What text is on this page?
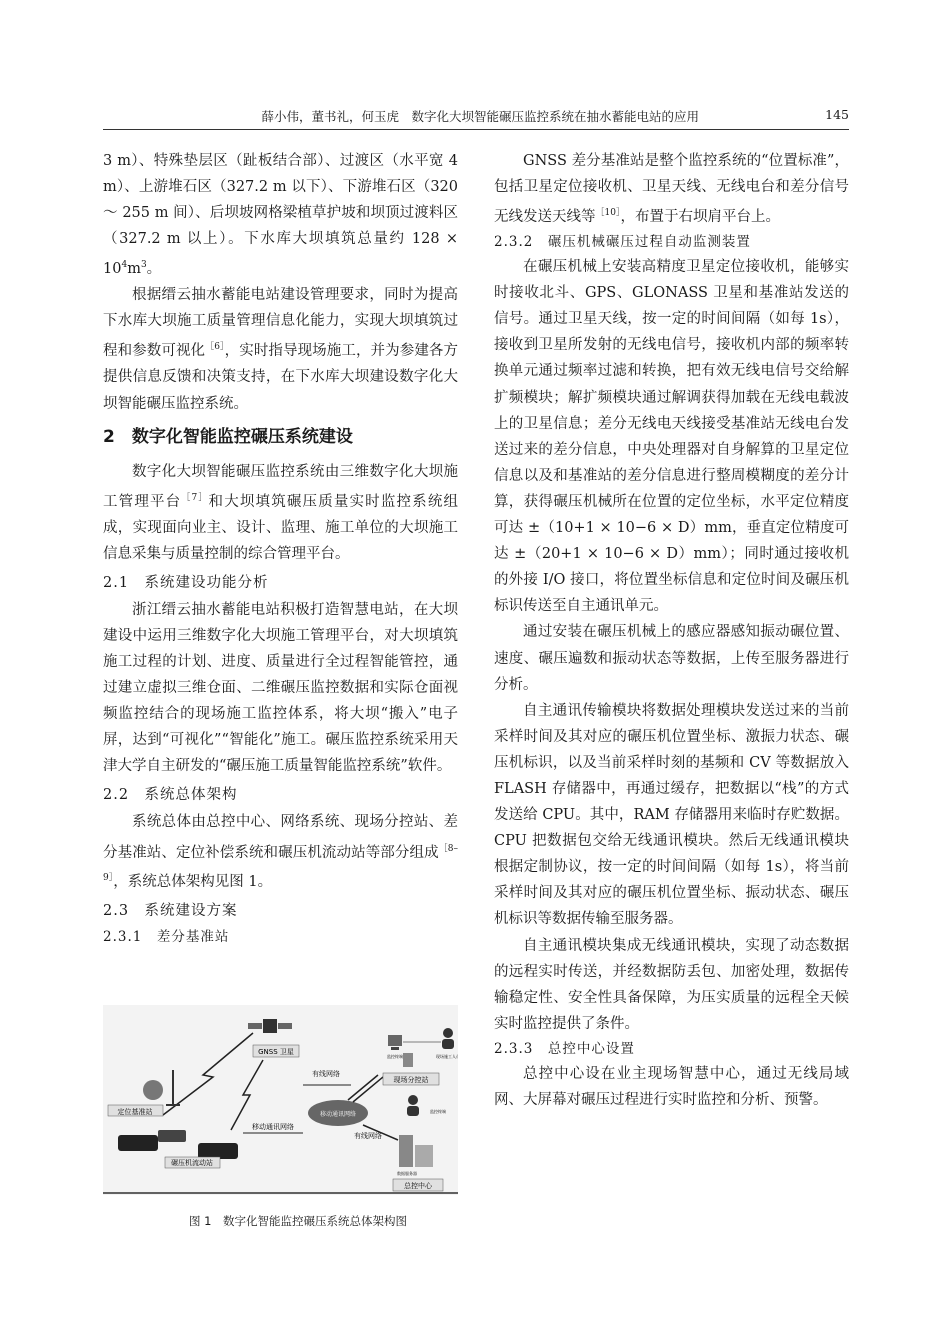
薛小伟，董书礼，何玉虎　数字化大坝智能碾压监控系统在抽水蓄能电站的应用	145

3 m）、特殊垫层区（趾板结合部）、过渡区（水平宽 4 m）、上游堆石区（327.2 m 以下）、下游堆石区（320 ～ 255 m 间）、后坝坡网格梁植草护坡和坝顶过渡料区（327.2 m 以上）。下水库大坝填筑总量约 $128 \times 10^4m^3$。

根据缙云抽水蓄能电站建设管理要求，同时为提高下水库大坝施工质量管理信息化能力，实现大坝填筑过程和参数可视化$^{[6]}$，实时指导现场施工，并为参建各方提供信息反馈和决策支持，在下水库大坝建设数字化大坝智能碾压监控系统。

2　数字化智能监控碾压系统建设

数字化大坝智能碾压监控系统由三维数字化大坝施工管理平台$^{[7]}$和大坝填筑碾压质量实时监控系统组成，实现面向业主、设计、监理、施工单位的大坝施工信息采集与质量控制的综合管理平台。

2.1　系统建设功能分析

浙江缙云抽水蓄能电站积极打造智慧电站，在大坝建设中运用三维数字化大坝施工管理平台，对大坝填筑施工过程的计划、进度、质量进行全过程智能管控，通过建立虚拟三维仓面、二维碾压监控数据和实际仓面视频监控结合的现场施工监控体系，将大坝“搬入”电子屏，达到“可视化”“智能化”施工。碾压监控系统采用天津大学自主研发的“碾压施工质量智能监控系统”软件。

2.2　系统总体架构

系统总体由总控中心、网络系统、现场分控站、差分基准站、定位补偿系统和碾压机流动站等部分组成$^{[8-9]}$，系统总体架构见图 1。

2.3　系统建设方案
2.3.1　差分基准站
GNSS 卫星
定位基准站
碾压机流动站
移动通讯网络
有线网络
移动通讯网络
有线网络
监控终端	现场施工人员
现场分控站
监控终端
数据服务器
总控中心
图 1　数字化智能监控碾压系统总体架构图

GNSS 差分基准站是整个监控系统的“位置标准”，包括卫星定位接收机、卫星天线、无线电台和差分信号无线发送天线等$^{[10]}$，布置于右坝肩平台上。

2.3.2　碾压机械碾压过程自动监测装置

在碾压机械上安装高精度卫星定位接收机，能够实时接收北斗、GPS、GLONASS 卫星和基准站发送的信号。通过卫星天线，按一定的时间间隔（如每 1s），接收到卫星所发射的无线电信号，接收机内部的频率转换单元通过频率过滤和转换，把有效无线电信号交给解扩频模块；解扩频模块通过解调获得加载在无线电载波上的卫星信息；差分无线电天线接受基准站无线电台发送过来的差分信息，中央处理器对自身解算的卫星定位信息以及和基准站的差分信息进行整周模糊度的差分计算，获得碾压机械所在位置的定位坐标，水平定位精度可达 ±（10+1 × 10−6 × D）mm，垂直定位精度可达 ±（20+1 × 10−6 × D）mm）；同时通过接收机的外接 I/O 接口，将位置坐标信息和定位时间及碾压机标识传送至自主通讯单元。

通过安装在碾压机械上的感应器感知振动碾位置、速度、碾压遍数和振动状态等数据，上传至服务器进行分析。

自主通讯传输模块将数据处理模块发送过来的当前采样时间及其对应的碾压机位置坐标、激振力状态、碾压机标识，以及当前采样时刻的基频和 CV 等数据放入 FLASH 存储器中，再通过缓存，把数据以“栈”的方式发送给 CPU。其中，RAM 存储器用来临时存贮数据。CPU 把数据包交给无线通讯模块。然后无线通讯模块根据定制协议，按一定的时间间隔（如每 1s），将当前采样时间及其对应的碾压机位置坐标、振动状态、碾压机标识等数据传输至服务器。

自主通讯模块集成无线通讯模块，实现了动态数据的远程实时传送，并经数据防丢包、加密处理，数据传输稳定性、安全性具备保障，为压实质量的远程全天候实时监控提供了条件。

2.3.3　总控中心设置

总控中心设在业主现场智慧中心，通过无线局域网、大屏幕对碾压过程进行实时监控和分析、预警。
